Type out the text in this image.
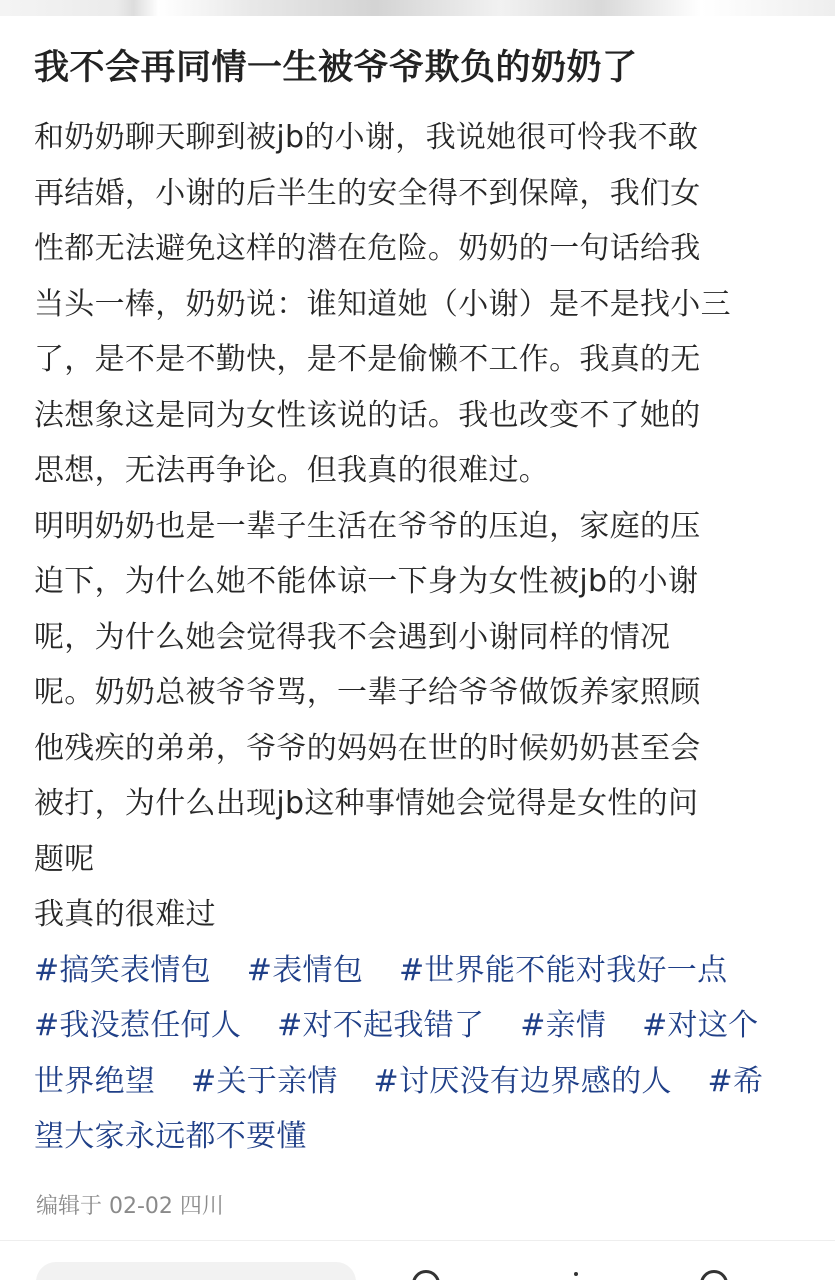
我不会再同情一生被爷爷欺负的奶奶了

和奶奶聊天聊到被jb的小谢，我说她很可怜我不敢

再结婚，小谢的后半生的安全得不到保障，我们女

性都无法避免这样的潜在危险。奶奶的一句话给我

当头一棒，奶奶说：谁知道她（小谢）是不是找小三

了，是不是不勤快，是不是偷懒不工作。我真的无

法想象这是同为女性该说的话。我也改变不了她的

思想，无法再争论。但我真的很难过。

明明奶奶也是一辈子生活在爷爷的压迫，家庭的压

迫下，为什么她不能体谅一下身为女性被jb的小谢

呢，为什么她会觉得我不会遇到小谢同样的情况

呢。奶奶总被爷爷骂，一辈子给爷爷做饭养家照顾

他残疾的弟弟，爷爷的妈妈在世的时候奶奶甚至会

被打，为什么出现jb这种事情她会觉得是女性的问

题呢

我真的很难过

#搞笑表情包 #表情包 #世界能不能对我好一点
#我没惹任何人 #对不起我错了 #亲情 #对这个
世界绝望 #关于亲情 #讨厌没有边界感的人 #希
望大家永远都不要懂
编辑于 02-02 四川
